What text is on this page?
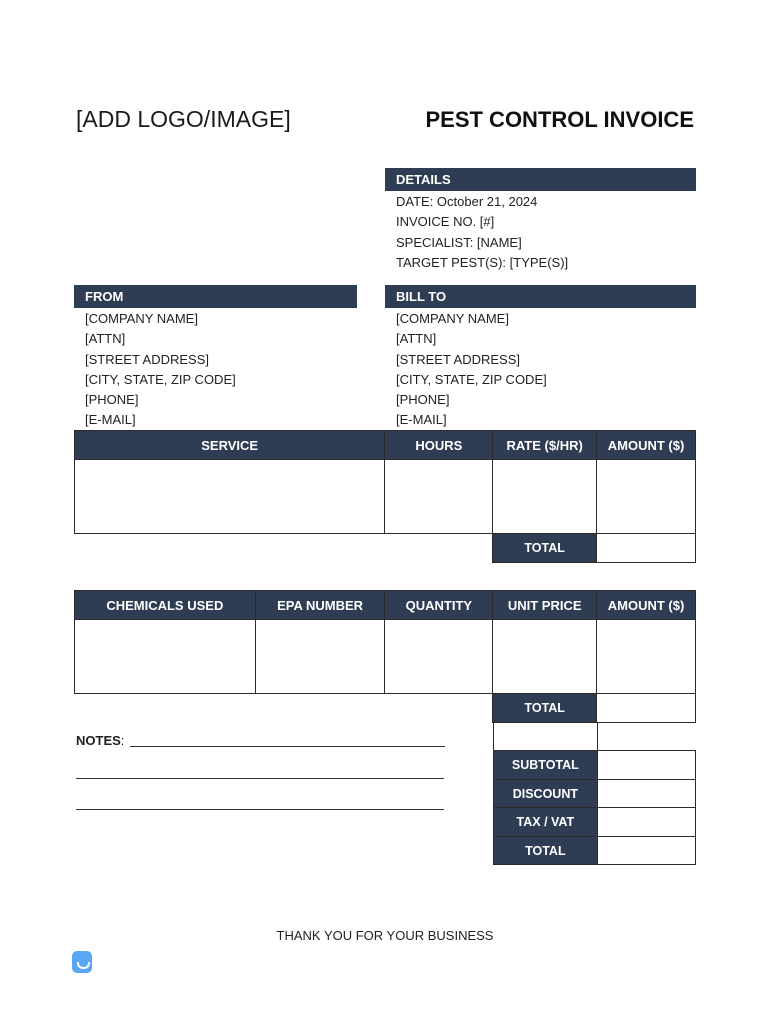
[ADD LOGO/IMAGE]	PEST CONTROL INVOICE
DETAILS
DATE: October 21, 2024
INVOICE NO. [#]
SPECIALIST: [NAME]
TARGET PEST(S): [TYPE(S)]
FROM
[COMPANY NAME]
[ATTN]
[STREET ADDRESS]
[CITY, STATE, ZIP CODE]
[PHONE]
[E-MAIL]
BILL TO
[COMPANY NAME]
[ATTN]
[STREET ADDRESS]
[CITY, STATE, ZIP CODE]
[PHONE]
[E-MAIL]
SERVICE	HOURS	RATE ($/HR)	AMOUNT ($)

		TOTAL	
CHEMICALS USED	EPA NUMBER	QUANTITY	UNIT PRICE	AMOUNT ($)

			TOTAL	

SUBTOTAL	
DISCOUNT	
TAX / VAT	
TOTAL	
NOTES:
THANK YOU FOR YOUR BUSINESS
